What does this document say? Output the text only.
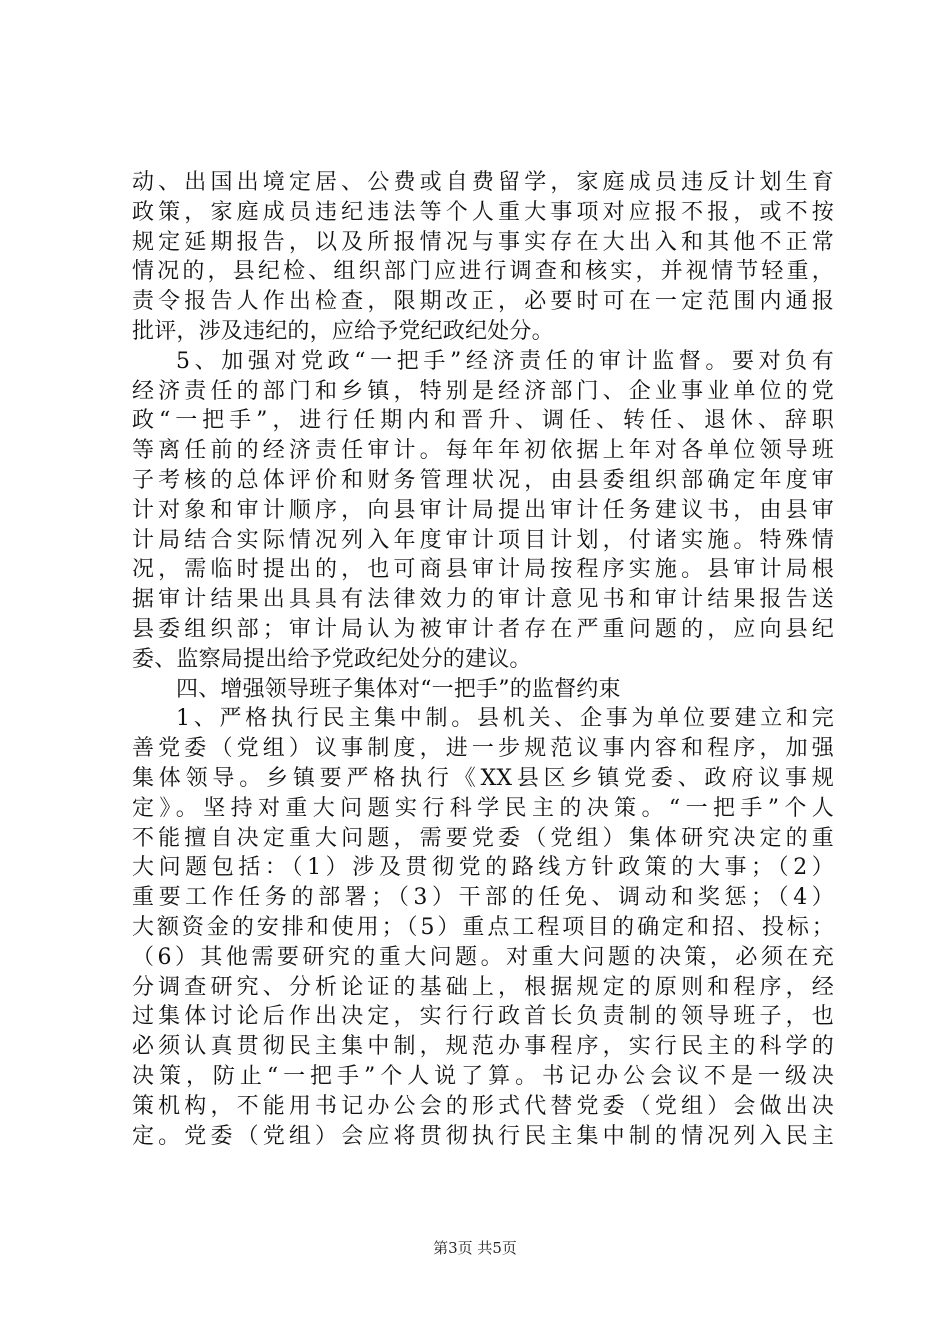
动、出国出境定居、公费或自费留学，家庭成员违反计划生育
政策，家庭成员违纪违法等个人重大事项对应报不报，或不按
规定延期报告，以及所报情况与事实存在大出入和其他不正常
情况的，县纪检、组织部门应进行调查和核实，并视情节轻重，
责令报告人作出检查，限期改正，必要时可在一定范围内通报
批评，涉及违纪的，应给予党纪政纪处分。
5、加强对党政“一把手”经济责任的审计监督。要对负有
经济责任的部门和乡镇，特别是经济部门、企业事业单位的党
政“一把手”，进行任期内和晋升、调任、转任、退休、辞职
等离任前的经济责任审计。每年年初依据上年对各单位领导班
子考核的总体评价和财务管理状况，由县委组织部确定年度审
计对象和审计顺序，向县审计局提出审计任务建议书，由县审
计局结合实际情况列入年度审计项目计划，付诸实施。特殊情
况，需临时提出的，也可商县审计局按程序实施。县审计局根
据审计结果出具具有法律效力的审计意见书和审计结果报告送
县委组织部；审计局认为被审计者存在严重问题的，应向县纪
委、监察局提出给予党政纪处分的建议。
四、增强领导班子集体对“一把手”的监督约束
1、严格执行民主集中制。县机关、企事为单位要建立和完
善党委（党组）议事制度，进一步规范议事内容和程序，加强
集体领导。乡镇要严格执行《XX县区乡镇党委、政府议事规
定》。坚持对重大问题实行科学民主的决策。“一把手”个人
不能擅自决定重大问题，需要党委（党组）集体研究决定的重
大问题包括：（1）涉及贯彻党的路线方针政策的大事；（2）
重要工作任务的部署；（3）干部的任免、调动和奖惩；（4）
大额资金的安排和使用；（5）重点工程项目的确定和招、投标；
（6）其他需要研究的重大问题。对重大问题的决策，必须在充
分调查研究、分析论证的基础上，根据规定的原则和程序，经
过集体讨论后作出决定，实行行政首长负责制的领导班子，也
必须认真贯彻民主集中制，规范办事程序，实行民主的科学的
决策，防止“一把手”个人说了算。书记办公会议不是一级决
策机构，不能用书记办公会的形式代替党委（党组）会做出决
定。党委（党组）会应将贯彻执行民主集中制的情况列入民主
第3页 共5页
